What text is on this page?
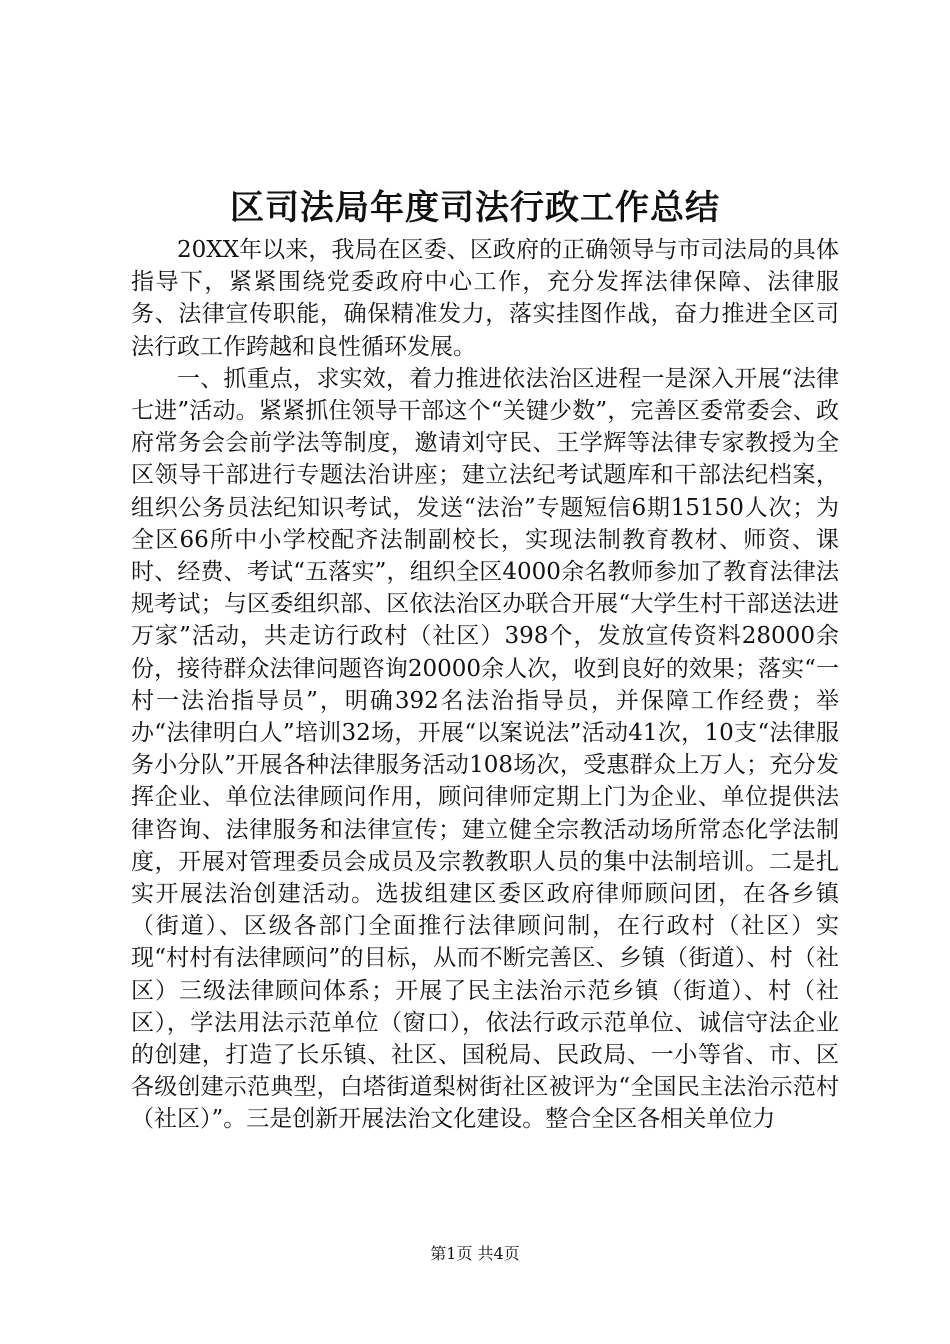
区司法局年度司法行政工作总结

20XX年以来，我局在区委、区政府的正确领导与市司法局的具体指导下，紧紧围绕党委政府中心工作，充分发挥法律保障、法律服务、法律宣传职能，确保精准发力，落实挂图作战，奋力推进全区司法行政工作跨越和良性循环发展。

一、抓重点，求实效，着力推进依法治区进程一是深入开展“法律七进”活动。紧紧抓住领导干部这个“关键少数”，完善区委常委会、政府常务会会前学法等制度，邀请刘守民、王学辉等法律专家教授为全区领导干部进行专题法治讲座；建立法纪考试题库和干部法纪档案，组织公务员法纪知识考试，发送“法治”专题短信6期15150人次；为全区66所中小学校配齐法制副校长，实现法制教育教材、师资、课时、经费、考试“五落实”，组织全区4000余名教师参加了教育法律法规考试；与区委组织部、区依法治区办联合开展“大学生村干部送法进万家”活动，共走访行政村（社区）398个，发放宣传资料28000余份，接待群众法律问题咨询20000余人次，收到良好的效果；落实“一村一法治指导员”，明确392名法治指导员，并保障工作经费；举办“法律明白人”培训32场，开展“以案说法”活动41次，10支“法律服务小分队”开展各种法律服务活动108场次，受惠群众上万人；充分发挥企业、单位法律顾问作用，顾问律师定期上门为企业、单位提供法律咨询、法律服务和法律宣传；建立健全宗教活动场所常态化学法制度，开展对管理委员会成员及宗教教职人员的集中法制培训。二是扎实开展法治创建活动。选拔组建区委区政府律师顾问团，在各乡镇（街道）、区级各部门全面推行法律顾问制，在行政村（社区）实现“村村有法律顾问”的目标，从而不断完善区、乡镇（街道）、村（社区）三级法律顾问体系；开展了民主法治示范乡镇（街道）、村（社区），学法用法示范单位（窗口），依法行政示范单位、诚信守法企业的创建，打造了长乐镇、社区、国税局、民政局、一小等省、市、区各级创建示范典型，白塔街道梨树街社区被评为“全国民主法治示范村（社区）”。三是创新开展法治文化建设。整合全区各相关单位力

第1页 共4页
